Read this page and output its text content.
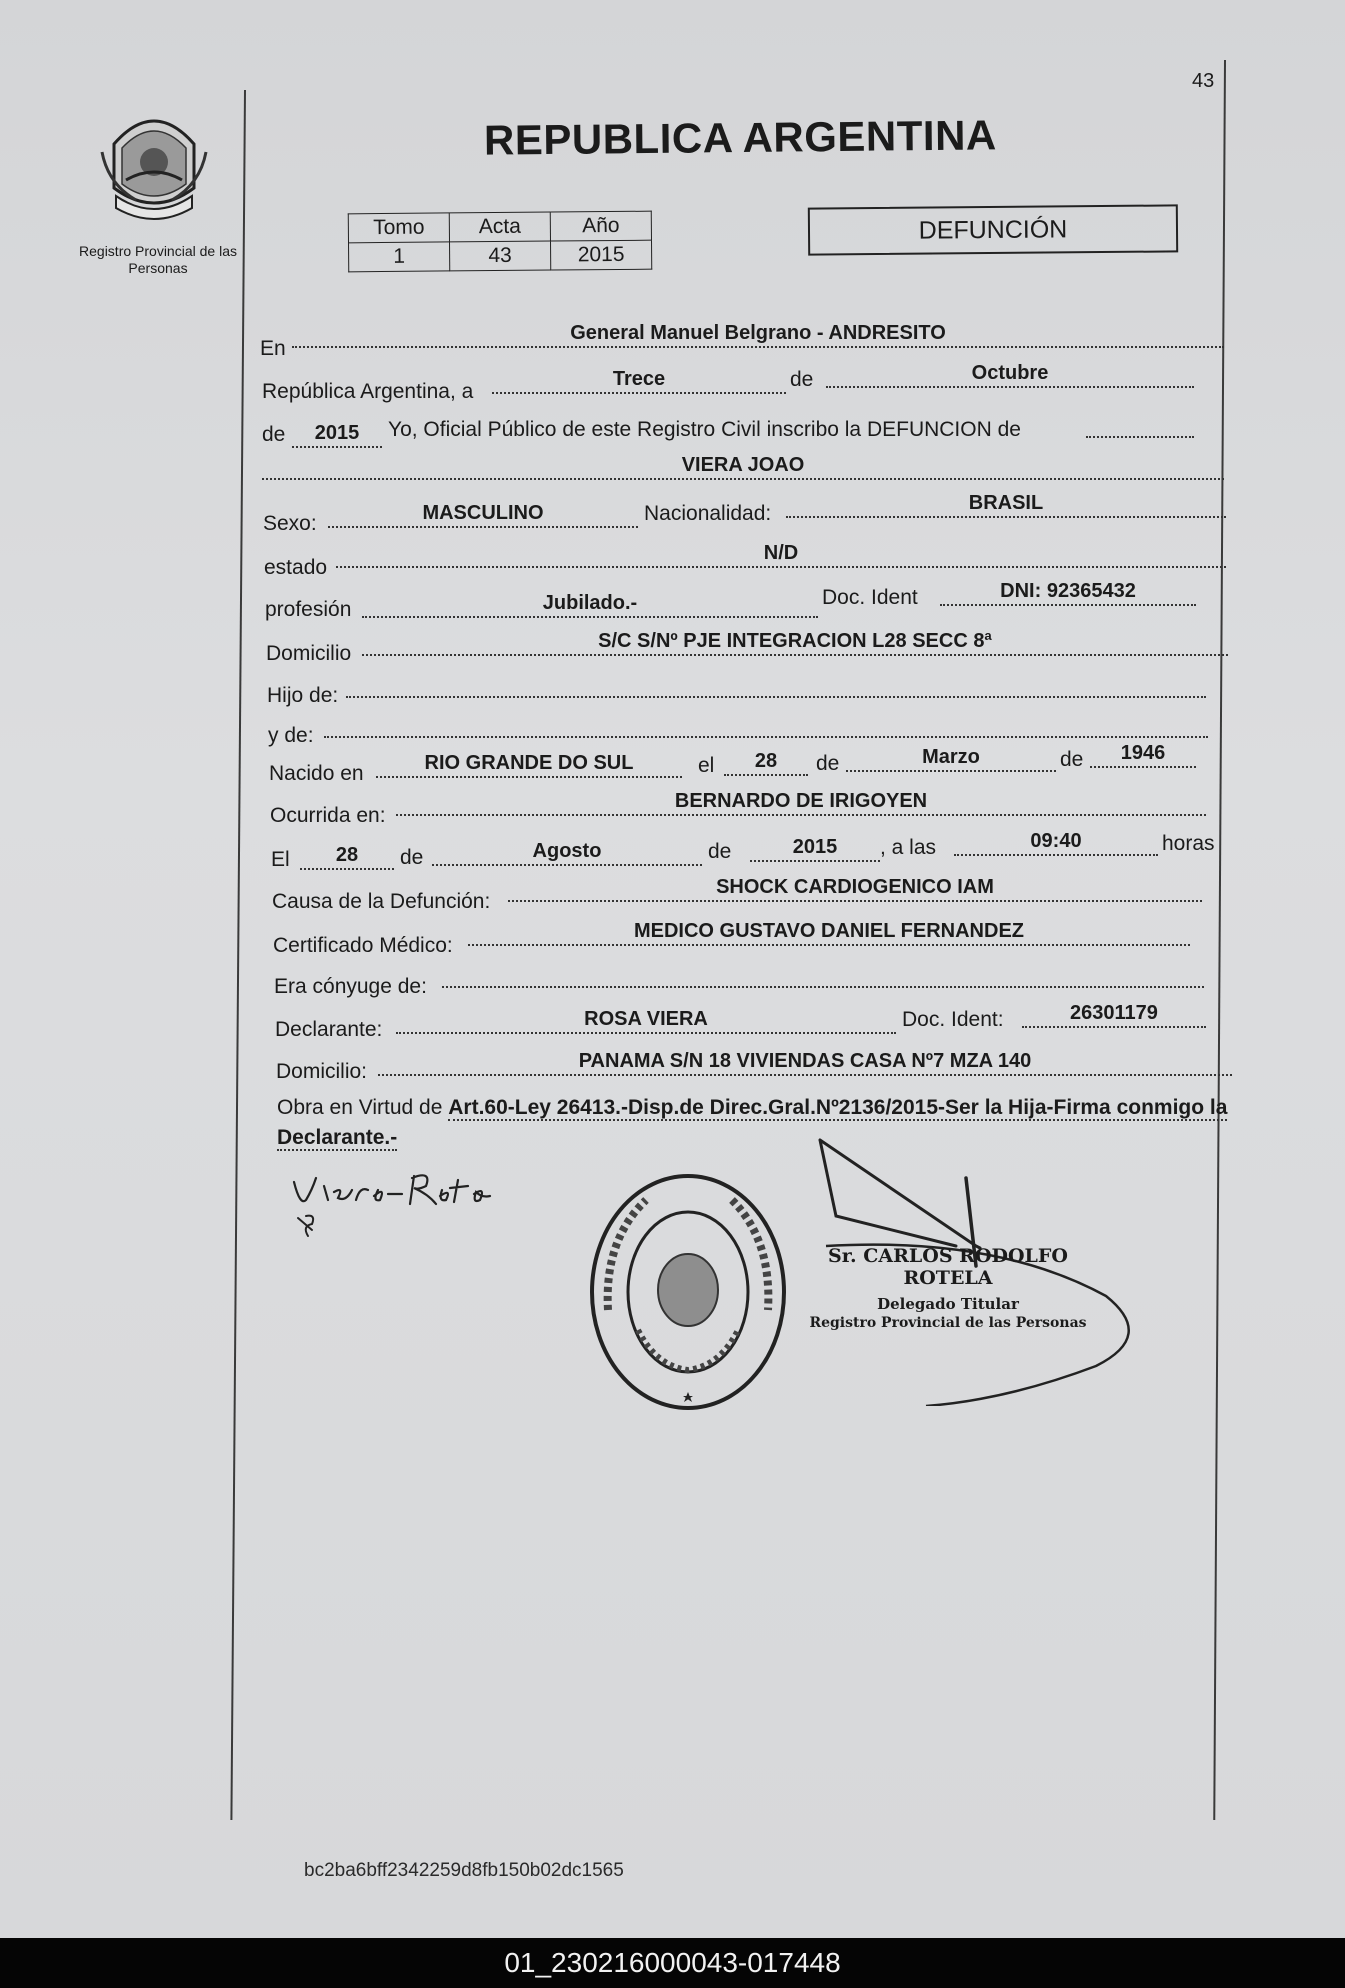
43
Registro Provincial de las Personas
REPUBLICA ARGENTINA
Tomo	Acta	Año
1	43	2015
DEFUNCIÓN
En
General Manuel Belgrano - ANDRESITO
República Argentina, a
Trece	de	Octubre
de	2015	Yo, Oficial Público de este Registro Civil inscribo la DEFUNCION de
VIERA JOAO
Sexo:	MASCULINO	Nacionalidad:	BRASIL
estado
N/D
profesión	Jubilado.-	Doc. Ident	DNI: 92365432
Domicilio
S/C S/Nº PJE INTEGRACION L28 SECC 8ª
Hijo de:
y de:
Nacido en	RIO GRANDE DO SUL	el	28	de	Marzo	de	1946
Ocurrida en:
BERNARDO DE IRIGOYEN
El	28	de	Agosto	de	2015	, a las	09:40	horas
Causa de la Defunción:
SHOCK CARDIOGENICO IAM
Certificado Médico:
MEDICO GUSTAVO DANIEL FERNANDEZ
Era cónyuge de:
Declarante:	ROSA VIERA	Doc. Ident:	26301179
Domicilio:	PANAMA S/N 18 VIVIENDAS CASA Nº7 MZA 140
Obra en Virtud de Art.60-Ley 26413.-Disp.de Direc.Gral.Nº2136/2015-Ser la Hija-Firma conmigo la Declarante.-
Sr. CARLOS RODOLFO ROTELA
Delegado Titular
Registro Provincial de las Personas
bc2ba6bff2342259d8fb150b02dc1565
01_230216000043-017448
